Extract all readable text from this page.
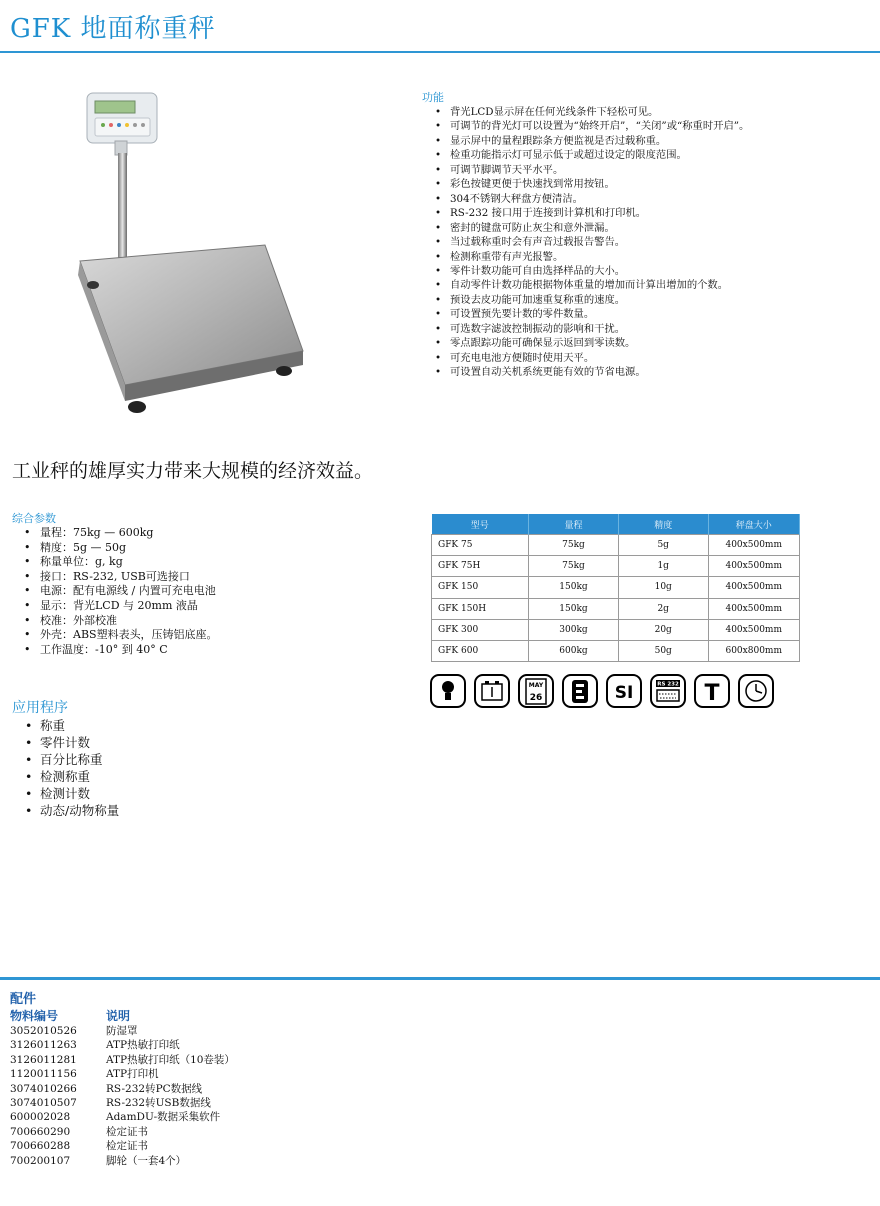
GFK 地面称重秤
功能
• 背光LCD显示屏在任何光线条件下轻松可见。
• 可调节的背光灯可以设置为“始终开启”，“关闭”或“称重时开启”。
• 显示屏中的量程跟踪条方便监视是否过载称重。
• 检重功能指示灯可显示低于或超过设定的限度范围。
• 可调节脚调节天平水平。
• 彩色按键更便于快速找到常用按钮。
• 304不锈钢大秤盘方便清洁。
• RS-232 接口用于连接到计算机和打印机。
• 密封的键盘可防止灰尘和意外泄漏。
• 当过载称重时会有声音过载报告警告。
• 检测称重带有声光报警。
• 零件计数功能可自由选择样品的大小。
• 自动零件计数功能根据物体重量的增加而计算出增加的个数。
• 预设去皮功能可加速重复称重的速度。
• 可设置预先要计数的零件数量。
• 可选数字滤波控制振动的影响和干扰。
• 零点跟踪功能可确保显示返回到零读数。
• 可充电电池方便随时使用天平。
• 可设置自动关机系统更能有效的节省电源。
工业秤的雄厚实力带来大规模的经济效益。
综合参数
• 量程：75kg — 600kg
• 精度：5g — 50g
• 称量单位：g, kg
• 接口：RS-232, USB可选接口
• 电源：配有电源线 / 内置可充电电池
• 显示：背光LCD 与 20mm 液晶
• 校准：外部校准
• 外壳：ABS塑料表头，压铸铝底座。
• 工作温度：-10° 到 40° C
型号	量程	精度	秤盘大小
GFK 75	75kg	5g	400x500mm
GFK 75H	75kg	1g	400x500mm
GFK 150	150kg	10g	400x500mm
GFK 150H	150kg	2g	400x500mm
GFK 300	300kg	20g	400x500mm
GFK 600	600kg	50g	600x800mm
MAY
26	SI	RS 232 T
应用程序
• 称重
• 零件计数
• 百分比称重
• 检测称重
• 检测计数
• 动态/动物称量
配件
物料编号	说明
3052010526	防湿罩
3126011263	ATP热敏打印纸
3126011281	ATP热敏打印纸（10卷装）
1120011156	ATP打印机
3074010266	RS-232转PC数据线
3074010507	RS-232转USB数据线
600002028	AdamDU-数据采集软件
700660290	检定证书
700660288	检定证书
700200107	脚轮（一套4个）
